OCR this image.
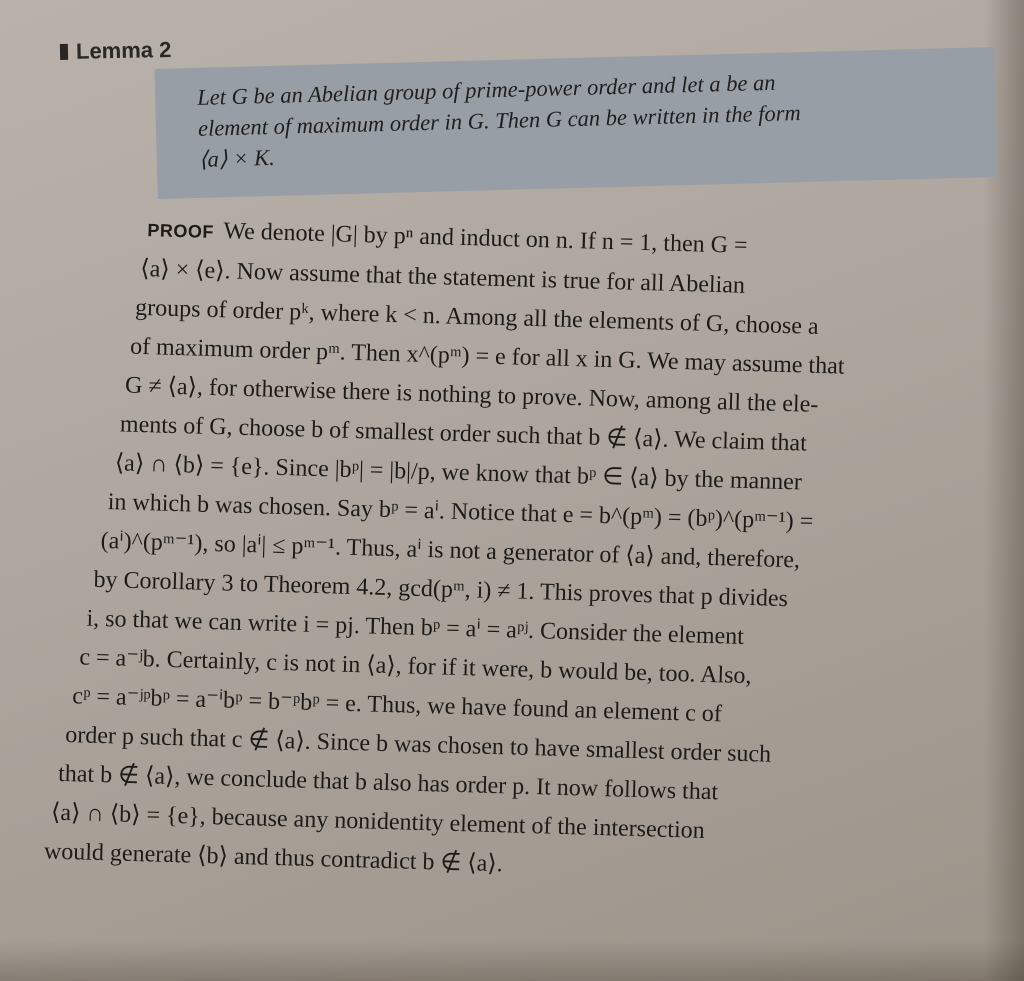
Lemma 2

Let G be an Abelian group of prime-power order and let a be an
element of maximum order in G. Then G can be written in the form
⟨a⟩ × K.

PROOF We denote |G| by pⁿ and induct on n. If n = 1, then G =
⟨a⟩ × ⟨e⟩. Now assume that the statement is true for all Abelian
groups of order pᵏ, where k < n. Among all the elements of G, choose a
of maximum order pᵐ. Then x^(pᵐ) = e for all x in G. We may assume that
G ≠ ⟨a⟩, for otherwise there is nothing to prove. Now, among all the ele-
ments of G, choose b of smallest order such that b ∉ ⟨a⟩. We claim that
⟨a⟩ ∩ ⟨b⟩ = {e}. Since |bᵖ| = |b|/p, we know that bᵖ ∈ ⟨a⟩ by the manner
in which b was chosen. Say bᵖ = aⁱ. Notice that e = b^(pᵐ) = (bᵖ)^(pᵐ⁻¹) =
(aⁱ)^(pᵐ⁻¹), so |aⁱ| ≤ pᵐ⁻¹. Thus, aⁱ is not a generator of ⟨a⟩ and, therefore,
by Corollary 3 to Theorem 4.2, gcd(pᵐ, i) ≠ 1. This proves that p divides
i, so that we can write i = pj. Then bᵖ = aⁱ = aᵖʲ. Consider the element
c = a⁻ʲb. Certainly, c is not in ⟨a⟩, for if it were, b would be, too. Also,
cᵖ = a⁻ʲᵖbᵖ = a⁻ⁱbᵖ = b⁻ᵖbᵖ = e. Thus, we have found an element c of
order p such that c ∉ ⟨a⟩. Since b was chosen to have smallest order such
that b ∉ ⟨a⟩, we conclude that b also has order p. It now follows that
⟨a⟩ ∩ ⟨b⟩ = {e}, because any nonidentity element of the intersection
would generate ⟨b⟩ and thus contradict b ∉ ⟨a⟩.
